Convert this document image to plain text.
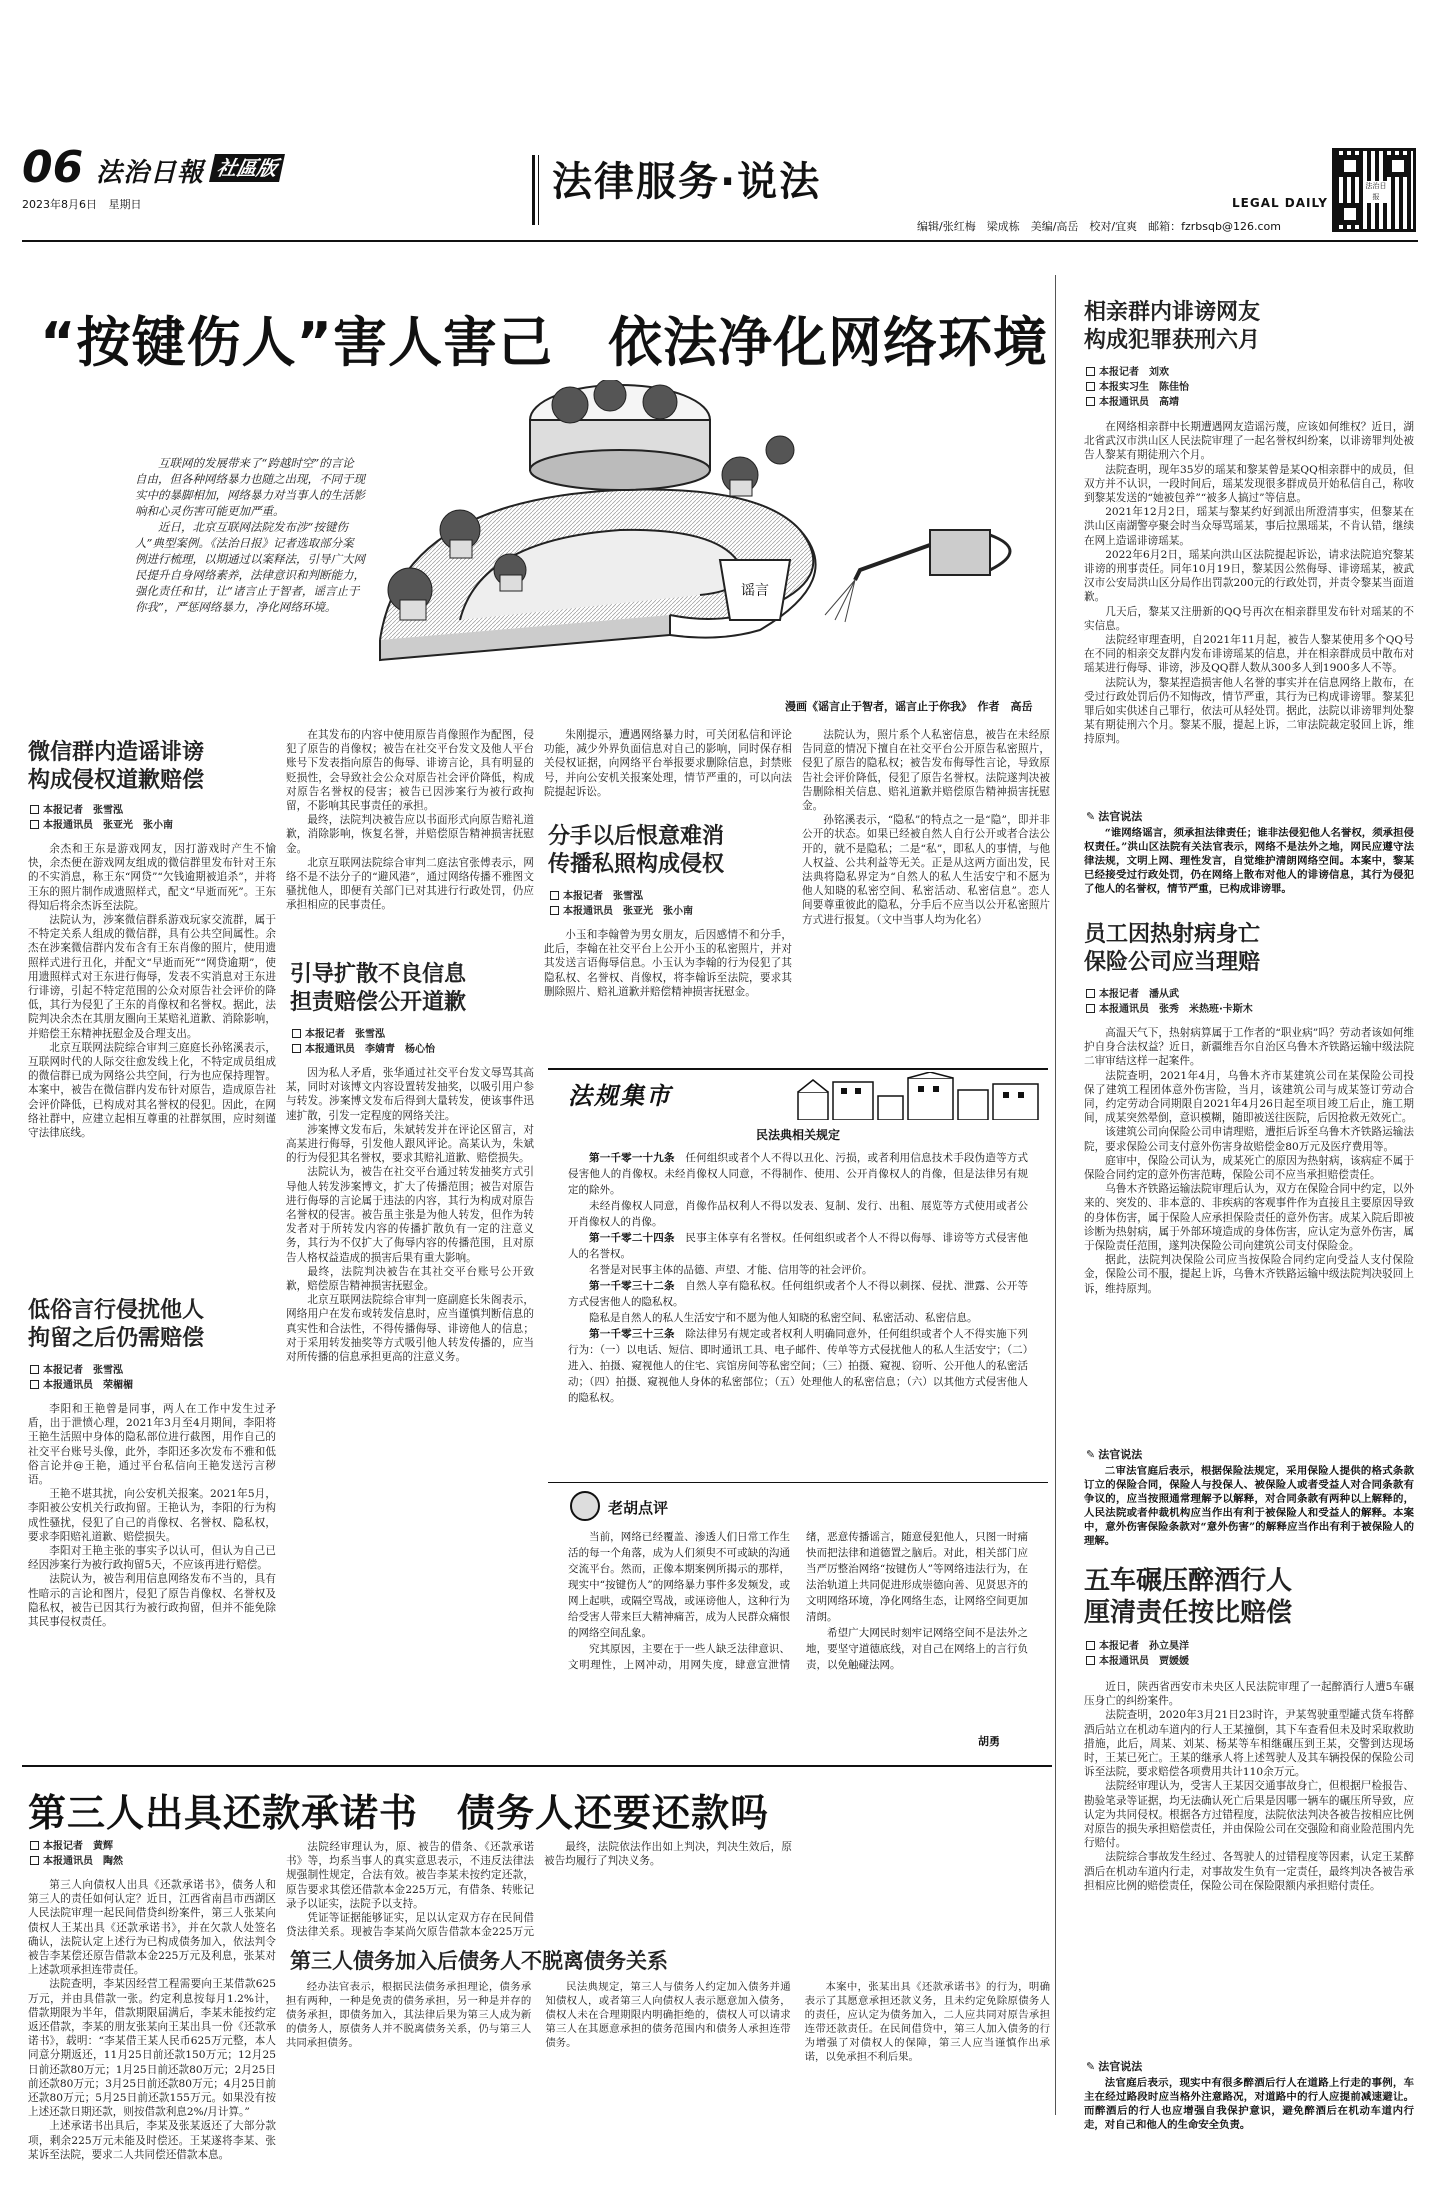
06 法治日報 社區版
2023年8月6日 星期日	法律服务·说法	LEGAL DAILY
编辑/张红梅　梁成栋　美编/高岳　校对/宜爽　邮箱：fzrbsqb@126.com
法治日报
“按键伤人”害人害己　依法净化网络环境
　　互联网的发展带来了“跨越时空”的言论自由，但各种网络暴力也随之出现，不同于现实中的暴脚相加，网络暴力对当事人的生活影响和心灵伤害可能更加严重。
　　近日，北京互联网法院发布涉“按键伤人”典型案例。《法治日报》记者选取部分案例进行梳理，以期通过以案释法，引导广大网民提升自身网络素养，法律意识和判断能力，强化责任和甘，让“诸言止于智者，谣言止于你我”，严惩网络暴力，净化网络环境。
谣言
漫画《谣言止于智者，谣言止于你我》　作者　高岳
微信群内造谣诽谤
构成侵权道歉赔偿
本报记者　张雪泓
本报通讯员　张亚光　张小南

余杰和王东是游戏网友，因打游戏时产生不愉快，余杰便在游戏网友组成的微信群里发布针对王东的不实消息，称王东“网贷”“欠钱逾期被追杀”，并将王东的照片制作成遗照样式，配文“早逝而死”。王东得知后将余杰诉至法院。

法院认为，涉案微信群系游戏玩家交流群，属于不特定关系人组成的微信群，具有公共空间属性。余杰在涉案微信群内发布含有王东肖像的照片，使用遗照样式进行丑化，并配文“早逝而死”“网贷逾期”，使用遗照样式对王东进行侮辱，发表不实消息对王东进行诽谤，引起不特定范围的公众对原告社会评价的降低，其行为侵犯了王东的肖像权和名誉权。据此，法院判决余杰在其朋友圈向王某赔礼道歉、消除影响，并赔偿王东精神抚慰金及合理支出。

北京互联网法院综合审判三庭庭长孙铭溪表示，互联网时代的人际交往愈发线上化，不特定成员组成的微信群已成为网络公共空间，行为也应保持理智。本案中，被告在微信群内发布针对原告，造成原告社会评价降低，已构成对其名誉权的侵犯。因此，在网络社群中，应建立起相互尊重的社群氛围，应时刻谨守法律底线。

低俗言行侵扰他人
拘留之后仍需赔偿
本报记者　张雪泓
本报通讯员　荣楣楣

李阳和王艳曾是同事，两人在工作中发生过矛盾，出于泄愤心理，2021年3月至4月期间，李阳将王艳生活照中身体的隐私部位进行截图，用作自己的社交平台账号头像，此外，李阳还多次发布不雅和低俗言论并@王艳，通过平台私信向王艳发送污言秽语。

王艳不堪其扰，向公安机关报案。2021年5月，李阳被公安机关行政拘留。王艳认为，李阳的行为构成性骚扰，侵犯了自己的肖像权、名誉权、隐私权，要求李阳赔礼道歉、赔偿损失。

李阳对王艳主张的事实予以认可，但认为自己已经因涉案行为被行政拘留5天，不应该再进行赔偿。

法院认为，被告利用信息网络发布不当的，具有性暗示的言论和图片，侵犯了原告肖像权、名誉权及隐私权，被告已因其行为被行政拘留，但并不能免除其民事侵权责任。

在其发布的内容中使用原告肖像照作为配图，侵犯了原告的肖像权；被告在社交平台发文及他人平台账号下发表指向原告的侮辱、诽谤言论，具有明显的贬损性，会导致社会公众对原告社会评价降低，构成对原告名誉权的侵害；被告已因涉案行为被行政拘留，不影响其民事责任的承担。

最终，法院判决被告应以书面形式向原告赔礼道歉，消除影响，恢复名誉，并赔偿原告精神损害抚慰金。

北京互联网法院综合审判二庭法官张傅表示，网络不是不法分子的“避风港”，通过网络传播不雅图文骚扰他人，即便有关部门已对其进行行政处罚，仍应承担相应的民事责任。

引导扩散不良信息
担责赔偿公开道歉
本报记者　张雪泓
本报通讯员　李婧青　杨心怡

因为私人矛盾，张华通过社交平台发文辱骂其高某，同时对该博文内容设置转发抽奖，以吸引用户参与转发。涉案博文发布后得到大量转发，使该事件迅速扩散，引发一定程度的网络关注。

涉案博文发布后，朱斌转发并在评论区留言，对高某进行侮辱，引发他人跟风评论。高某认为，朱斌的行为侵犯其名誉权，要求其赔礼道歉、赔偿损失。

法院认为，被告在社交平台通过转发抽奖方式引导他人转发涉案博文，扩大了传播范围；被告对原告进行侮辱的言论属于违法的内容，其行为构成对原告名誉权的侵害。被告虽主张是为他人转发，但作为转发者对于所转发内容的传播扩散负有一定的注意义务，其行为不仅扩大了侮辱内容的传播范围，且对原告人格权益造成的损害后果有重大影响。

最终，法院判决被告在其社交平台账号公开致歉，赔偿原告精神损害抚慰金。

北京互联网法院综合审判一庭副庭长朱阁表示，网络用户在发布或转发信息时，应当谨慎判断信息的真实性和合法性，不得传播侮辱、诽谤他人的信息；对于采用转发抽奖等方式吸引他人转发传播的，应当对所传播的信息承担更高的注意义务。

朱刚提示，遭遇网络暴力时，可关闭私信和评论功能，减少外界负面信息对自己的影响，同时保存相关侵权证据，向网络平台举报要求删除信息，封禁账号，并向公安机关报案处理，情节严重的，可以向法院提起诉讼。

分手以后恨意难消
传播私照构成侵权
本报记者　张雪泓
本报通讯员　张亚光　张小南

小玉和李翰曾为男女朋友，后因感情不和分手，此后，李翰在社交平台上公开小玉的私密照片，并对其发送言语侮辱信息。小玉认为李翰的行为侵犯了其隐私权、名誉权、肖像权，将李翰诉至法院，要求其删除照片、赔礼道歉并赔偿精神损害抚慰金。

法院认为，照片系个人私密信息，被告在未经原告同意的情况下擅自在社交平台公开原告私密照片，侵犯了原告的隐私权；被告发布侮辱性言论，导致原告社会评价降低，侵犯了原告名誉权。法院遂判决被告删除相关信息、赔礼道歉并赔偿原告精神损害抚慰金。

孙铭溪表示，“隐私”的特点之一是“隐”，即并非公开的状态。如果已经被自然人自行公开或者合法公开的，就不是隐私；二是“私”，即私人的事情，与他人权益、公共利益等无关。正是从这两方面出发，民法典将隐私界定为“自然人的私人生活安宁和不愿为他人知晓的私密空间、私密活动、私密信息”。恋人间要尊重彼此的隐私，分手后不应当以公开私密照片方式进行报复。（文中当事人均为化名）

法规集市
民法典相关规定
第一千零一十九条　 任何组织或者个人不得以丑化、污损，或者利用信息技术手段伪造等方式侵害他人的肖像权。未经肖像权人同意，不得制作、使用、公开肖像权人的肖像，但是法律另有规定的除外。
未经肖像权人同意，肖像作品权利人不得以发表、复制、发行、出租、展览等方式使用或者公开肖像权人的肖像。
第一千零二十四条　 民事主体享有名誉权。任何组织或者个人不得以侮辱、诽谤等方式侵害他人的名誉权。
名誉是对民事主体的品德、声望、才能、信用等的社会评价。
第一千零三十二条　 自然人享有隐私权。任何组织或者个人不得以刺探、侵扰、泄露、公开等方式侵害他人的隐私权。
隐私是自然人的私人生活安宁和不愿为他人知晓的私密空间、私密活动、私密信息。
第一千零三十三条　 除法律另有规定或者权利人明确同意外，任何组织或者个人不得实施下列行为：（一）以电话、短信、即时通讯工具、电子邮件、传单等方式侵扰他人的私人生活安宁；（二）进入、拍摄、窥视他人的住宅、宾馆房间等私密空间；（三）拍摄、窥视、窃听、公开他人的私密活动；（四）拍摄、窥视他人身体的私密部位；（五）处理他人的私密信息；（六）以其他方式侵害他人的隐私权。
老胡点评

当前，网络已经覆盖、渗透人们日常工作生活的每一个角落，成为人们须臾不可或缺的沟通交流平台。然而，正像本期案例所揭示的那样，现实中“按键伤人”的网络暴力事件多发频发，或网上起哄，或隔空骂战，或诬谤他人，这种行为给受害人带来巨大精神痛苦，成为人民群众痛恨的网络空间乱象。

究其原因，主要在于一些人缺乏法律意识、文明理性，上网冲动，用网失度，肆意宣泄情绪，恶意传播谣言，随意侵犯他人，只图一时痛快而把法律和道德置之脑后。对此，相关部门应当严厉整治网络“按键伤人”等网络违法行为，在法治轨道上共同促进形成崇德向善、见贤思齐的文明网络环境，净化网络生态，让网络空间更加清朗。

希望广大网民时刻牢记网络空间不是法外之地，要坚守道德底线，对自己在网络上的言行负责，以免触碰法网。

胡勇
第三人出具还款承诺书　债务人还要还款吗
本报记者　黄辉
本报通讯员　陶然

第三人向债权人出具《还款承诺书》，债务人和第三人的责任如何认定？近日，江西省南昌市西湖区人民法院审理一起民间借贷纠纷案件，第三人张某向债权人王某出具《还款承诺书》，并在欠款人处签名确认，法院认定上述行为已构成债务加入，依法判令被告李某偿还原告借款本金225万元及利息，张某对上述款项承担连带责任。

法院查明，李某因经营工程需要向王某借款625万元，并由具借款一张。约定利息按每月1.2%计，借款期限为半年，借款期限届满后，李某未能按约定返还借款，李某的朋友张某向王某出具一份《还款承诺书》，载明：“李某借王某人民币625万元整，本人同意分期返还，11月25日前还款150万元；12月25日前还款80万元；1月25日前还款80万元；2月25日前还款80万元；3月25日前还款80万元；4月25日前还款80万元；5月25日前还款155万元。如果没有按上述还款日期还款，则按借款利息2%/月计算。”

上述承诺书出具后，李某及张某返还了大部分款项，剩余225万元未能及时偿还。王某遂将李某、张某诉至法院，要求二人共同偿还借款本息。

法院经审理认为，原、被告的借条、《还款承诺书》等，均系当事人的真实意思表示，不违反法律法规强制性规定，合法有效。被告李某未按约定还款，原告要求其偿还借款本金225万元，有借条、转账记录予以证实，法院予以支持。

凭证等证据能够证实，足以认定双方存在民间借贷法律关系。现被告李某尚欠原告借款本金225万元

最终，法院依法作出如上判决，判决生效后，原被告均履行了判决义务。

第三人债务加入后债务人不脱离债务关系

经办法官表示，根据民法债务承担理论，债务承担有两种，一种是免责的债务承担，另一种是并存的债务承担，即债务加入，其法律后果为第三人成为新的债务人，原债务人并不脱离债务关系，仍与第三人共同承担债务。

民法典规定，第三人与债务人约定加入债务并通知债权人，或者第三人向债权人表示愿意加入债务，债权人未在合理期限内明确拒绝的，债权人可以请求第三人在其愿意承担的债务范围内和债务人承担连带债务。

本案中，张某出具《还款承诺书》的行为，明确表示了其愿意承担还款义务，且未约定免除原债务人的责任，应认定为债务加入，二人应共同对原告承担连带还款责任。在民间借贷中，第三人加入债务的行为增强了对债权人的保障，第三人应当谨慎作出承诺，以免承担不利后果。

相亲群内诽谤网友
构成犯罪获刑六月
本报记者　刘欢
本报实习生　陈佳怡
本报通讯员　高靖

在网络相亲群中长期遭遇网友造谣污蔑，应该如何维权？近日，湖北省武汉市洪山区人民法院审理了一起名誉权纠纷案，以诽谤罪判处被告人黎某有期徒刑六个月。

法院查明，现年35岁的瑶某和黎某曾是某QQ相亲群中的成员，但双方并不认识，一段时间后，瑶某发现很多群成员开始私信自己，称收到黎某发送的“她被包养”“被多人搞过”等信息。

2021年12月2日，瑶某与黎某约好到派出所澄清事实，但黎某在洪山区南湖警亭聚会时当众辱骂瑶某，事后拉黑瑶某，不肯认错，继续在网上造谣诽谤瑶某。

2022年6月2日，瑶某向洪山区法院提起诉讼，请求法院追究黎某诽谤的刑事责任。同年10月19日，黎某因公然侮辱、诽谤瑶某，被武汉市公安局洪山区分局作出罚款200元的行政处罚，并责令黎某当面道歉。

几天后，黎某又注册新的QQ号再次在相亲群里发布针对瑶某的不实信息。

法院经审理查明，自2021年11月起，被告人黎某使用多个QQ号在不同的相亲交友群内发布诽谤瑶某的信息，并在相亲群成员中散布对瑶某进行侮辱、诽谤，涉及QQ群人数从300多人到1900多人不等。

法院认为，黎某捏造损害他人名誉的事实并在信息网络上散布，在受过行政处罚后仍不知悔改，情节严重，其行为已构成诽谤罪。黎某犯罪后如实供述自己罪行，依法可从轻处罚。据此，法院以诽谤罪判处黎某有期徒刑六个月。黎某不服，提起上诉，二审法院裁定驳回上诉，维持原判。

✎ 法官说法

“谁网络谣言，须承担法律责任；谁非法侵犯他人名誉权，须承担侵权责任。”洪山区法院有关法官表示，网络不是法外之地，网民应遵守法律法规，文明上网、理性发言，自觉维护清朗网络空间。本案中，黎某已经接受过行政处罚，仍在网络上散布对他人的诽谤信息，其行为侵犯了他人的名誉权，情节严重，已构成诽谤罪。

员工因热射病身亡
保险公司应当理赔
本报记者　潘从武
本报通讯员　张秀　米热班·卡斯木

高温天气下，热射病算属于工作者的“职业病”吗？劳动者该如何维护自身合法权益？近日，新疆维吾尔自治区乌鲁木齐铁路运输中级法院二审审结这样一起案件。

法院查明，2021年4月，乌鲁木齐市某建筑公司在某保险公司投保了建筑工程团体意外伤害险，当月，该建筑公司与成某签订劳动合同，约定劳动合同期限自2021年4月26日起至项目竣工后止，施工期间，成某突然晕倒，意识模糊，随即被送往医院，后因抢救无效死亡。

该建筑公司向保险公司申请理赔，遭拒后诉至乌鲁木齐铁路运输法院，要求保险公司支付意外伤害身故赔偿金80万元及医疗费用等。

庭审中，保险公司认为，成某死亡的原因为热射病，该病症不属于保险合同约定的意外伤害范畴，保险公司不应当承担赔偿责任。

乌鲁木齐铁路运输法院审理后认为，双方在保险合同中约定，以外来的、突发的、非本意的、非疾病的客观事件作为直接且主要原因导致的身体伤害，属于保险人应承担保险责任的意外伤害。成某入院后即被诊断为热射病，属于外部环境造成的身体伤害，应认定为意外伤害，属于保险责任范围，遂判决保险公司向建筑公司支付保险金。

据此，法院判决保险公司应当按保险合同约定向受益人支付保险金，保险公司不服，提起上诉，乌鲁木齐铁路运输中级法院判决驳回上诉，维持原判。

✎ 法官说法

二审法官庭后表示，根据保险法规定，采用保险人提供的格式条款订立的保险合同，保险人与投保人、被保险人或者受益人对合同条款有争议的，应当按照通常理解予以解释，对合同条款有两种以上解释的，人民法院或者仲裁机构应当作出有利于被保险人和受益人的解释。本案中，意外伤害保险条款对“意外伤害”的解释应当作出有利于被保险人的理解。

五车碾压醉酒行人
厘清责任按比赔偿
本报记者　孙立昊洋
本报通讯员　贾媛媛

近日，陕西省西安市未央区人民法院审理了一起醉酒行人遭5车碾压身亡的纠纷案件。

法院查明，2020年3月21日23时许，尹某驾驶重型罐式货车将醉酒后站立在机动车道内的行人王某撞倒，其下车查看但未及时采取救助措施，此后，周某、刘某、杨某等车相继碾压到王某，交警到达现场时，王某已死亡。王某的继承人将上述驾驶人及其车辆投保的保险公司诉至法院，要求赔偿各项费用共计110余万元。

法院经审理认为，受害人王某因交通事故身亡，但根据尸检报告、勘验笔录等证据，均无法确认死亡后果是因哪一辆车的碾压所导致，应认定为共同侵权。根据各方过错程度，法院依法判决各被告按相应比例对原告的损失承担赔偿责任，并由保险公司在交强险和商业险范围内先行赔付。

法院综合事故发生经过、各驾驶人的过错程度等因素，认定王某醉酒后在机动车道内行走，对事故发生负有一定责任，最终判决各被告承担相应比例的赔偿责任，保险公司在保险限额内承担赔付责任。

✎ 法官说法

法官庭后表示，现实中有很多醉酒后行人在道路上行走的事例，车主在经过路段时应当格外注意路况，对道路中的行人应提前减速避让。而醉酒后的行人也应增强自我保护意识，避免醉酒后在机动车道内行走，对自己和他人的生命安全负责。
